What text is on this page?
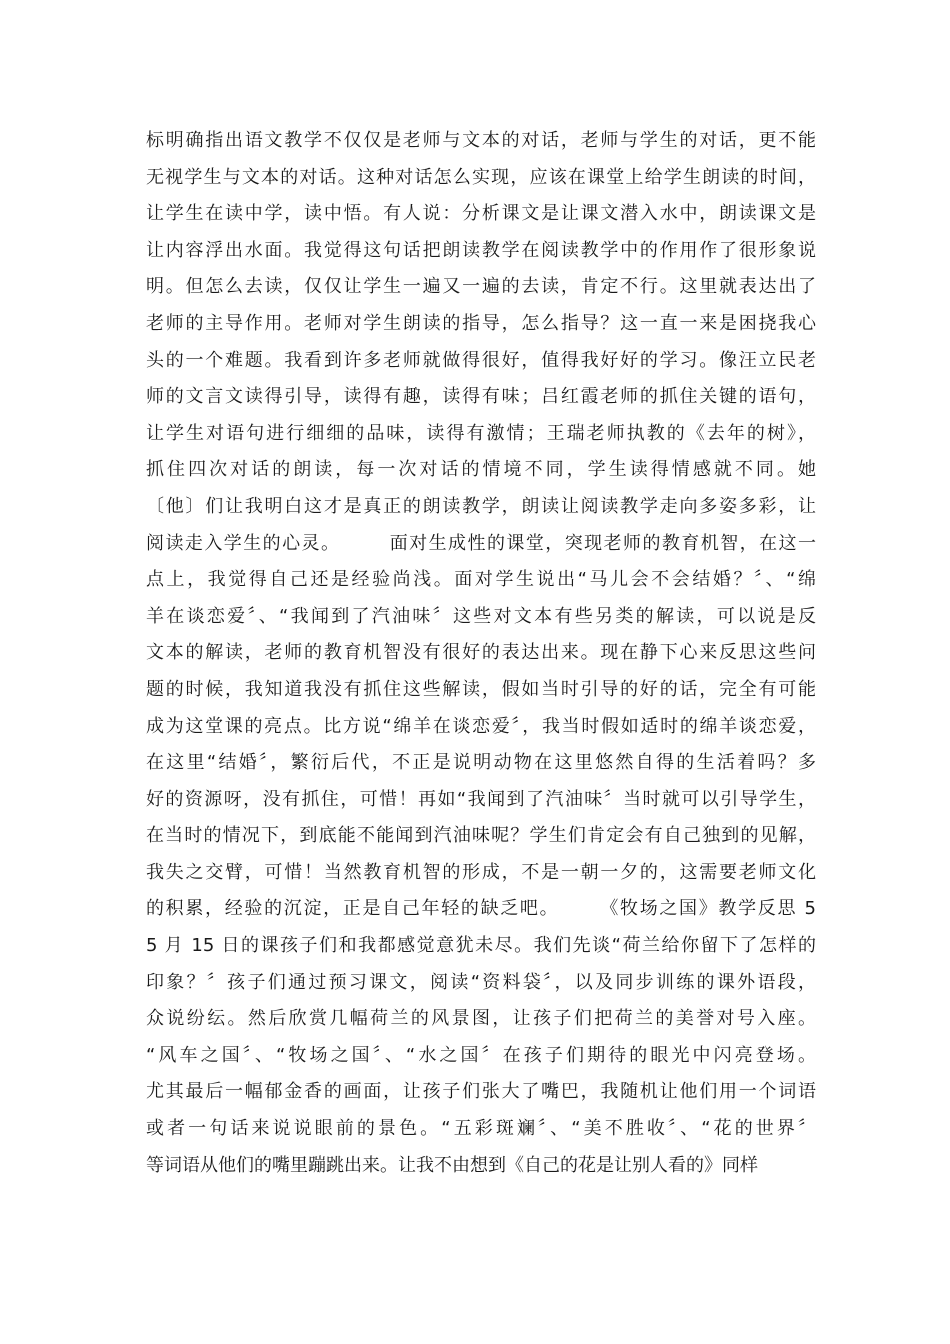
标明确指出语文教学不仅仅是老师与文本的对话，老师与学生的对话，更不能
无视学生与文本的对话。这种对话怎么实现，应该在课堂上给学生朗读的时间，
让学生在读中学，读中悟。有人说：分析课文是让课文潜入水中，朗读课文是
让内容浮出水面。我觉得这句话把朗读教学在阅读教学中的作用作了很形象说
明。但怎么去读，仅仅让学生一遍又一遍的去读，肯定不行。这里就表达出了
老师的主导作用。老师对学生朗读的指导，怎么指导？这一直一来是困挠我心
头的一个难题。我看到许多老师就做得很好，值得我好好的学习。像汪立民老
师的文言文读得引导，读得有趣，读得有味；吕红霞老师的抓住关键的语句，
让学生对语句进行细细的品味，读得有激情；王瑞老师执教的《去年的树》，
抓住四次对话的朗读，每一次对话的情境不同，学生读得情感就不同。她
〔他〕们让我明白这才是真正的朗读教学，朗读让阅读教学走向多姿多彩，让
阅读走入学生的心灵。　　　面对生成性的课堂，突现老师的教育机智，在这一
点上，我觉得自己还是经验尚浅。面对学生说出“马儿会不会结婚？〞、“绵
羊在谈恋爱〞、“我闻到了汽油味〞这些对文本有些另类的解读，可以说是反
文本的解读，老师的教育机智没有很好的表达出来。现在静下心来反思这些问
题的时候，我知道我没有抓住这些解读，假如当时引导的好的话，完全有可能
成为这堂课的亮点。比方说“绵羊在谈恋爱〞，我当时假如适时的绵羊谈恋爱，
在这里“结婚〞，繁衍后代，不正是说明动物在这里悠然自得的生活着吗？多
好的资源呀，没有抓住，可惜！再如“我闻到了汽油味〞当时就可以引导学生，
在当时的情况下，到底能不能闻到汽油味呢？学生们肯定会有自己独到的见解，
我失之交臂，可惜！当然教育机智的形成，不是一朝一夕的，这需要老师文化
的积累，经验的沉淀，正是自己年轻的缺乏吧。　　　《牧场之国》教学反思 5
5 月 15 日的课孩子们和我都感觉意犹未尽。我们先谈“荷兰给你留下了怎样的
印象？〞孩子们通过预习课文，阅读“资料袋〞，以及同步训练的课外语段，
众说纷纭。然后欣赏几幅荷兰的风景图，让孩子们把荷兰的美誉对号入座。
“风车之国〞、“牧场之国〞、“水之国〞在孩子们期待的眼光中闪亮登场。
尤其最后一幅郁金香的画面，让孩子们张大了嘴巴，我随机让他们用一个词语
或者一句话来说说眼前的景色。“五彩斑斓〞、“美不胜收〞、“花的世界〞
等词语从他们的嘴里蹦跳出来。让我不由想到《自己的花是让别人看的》同样
